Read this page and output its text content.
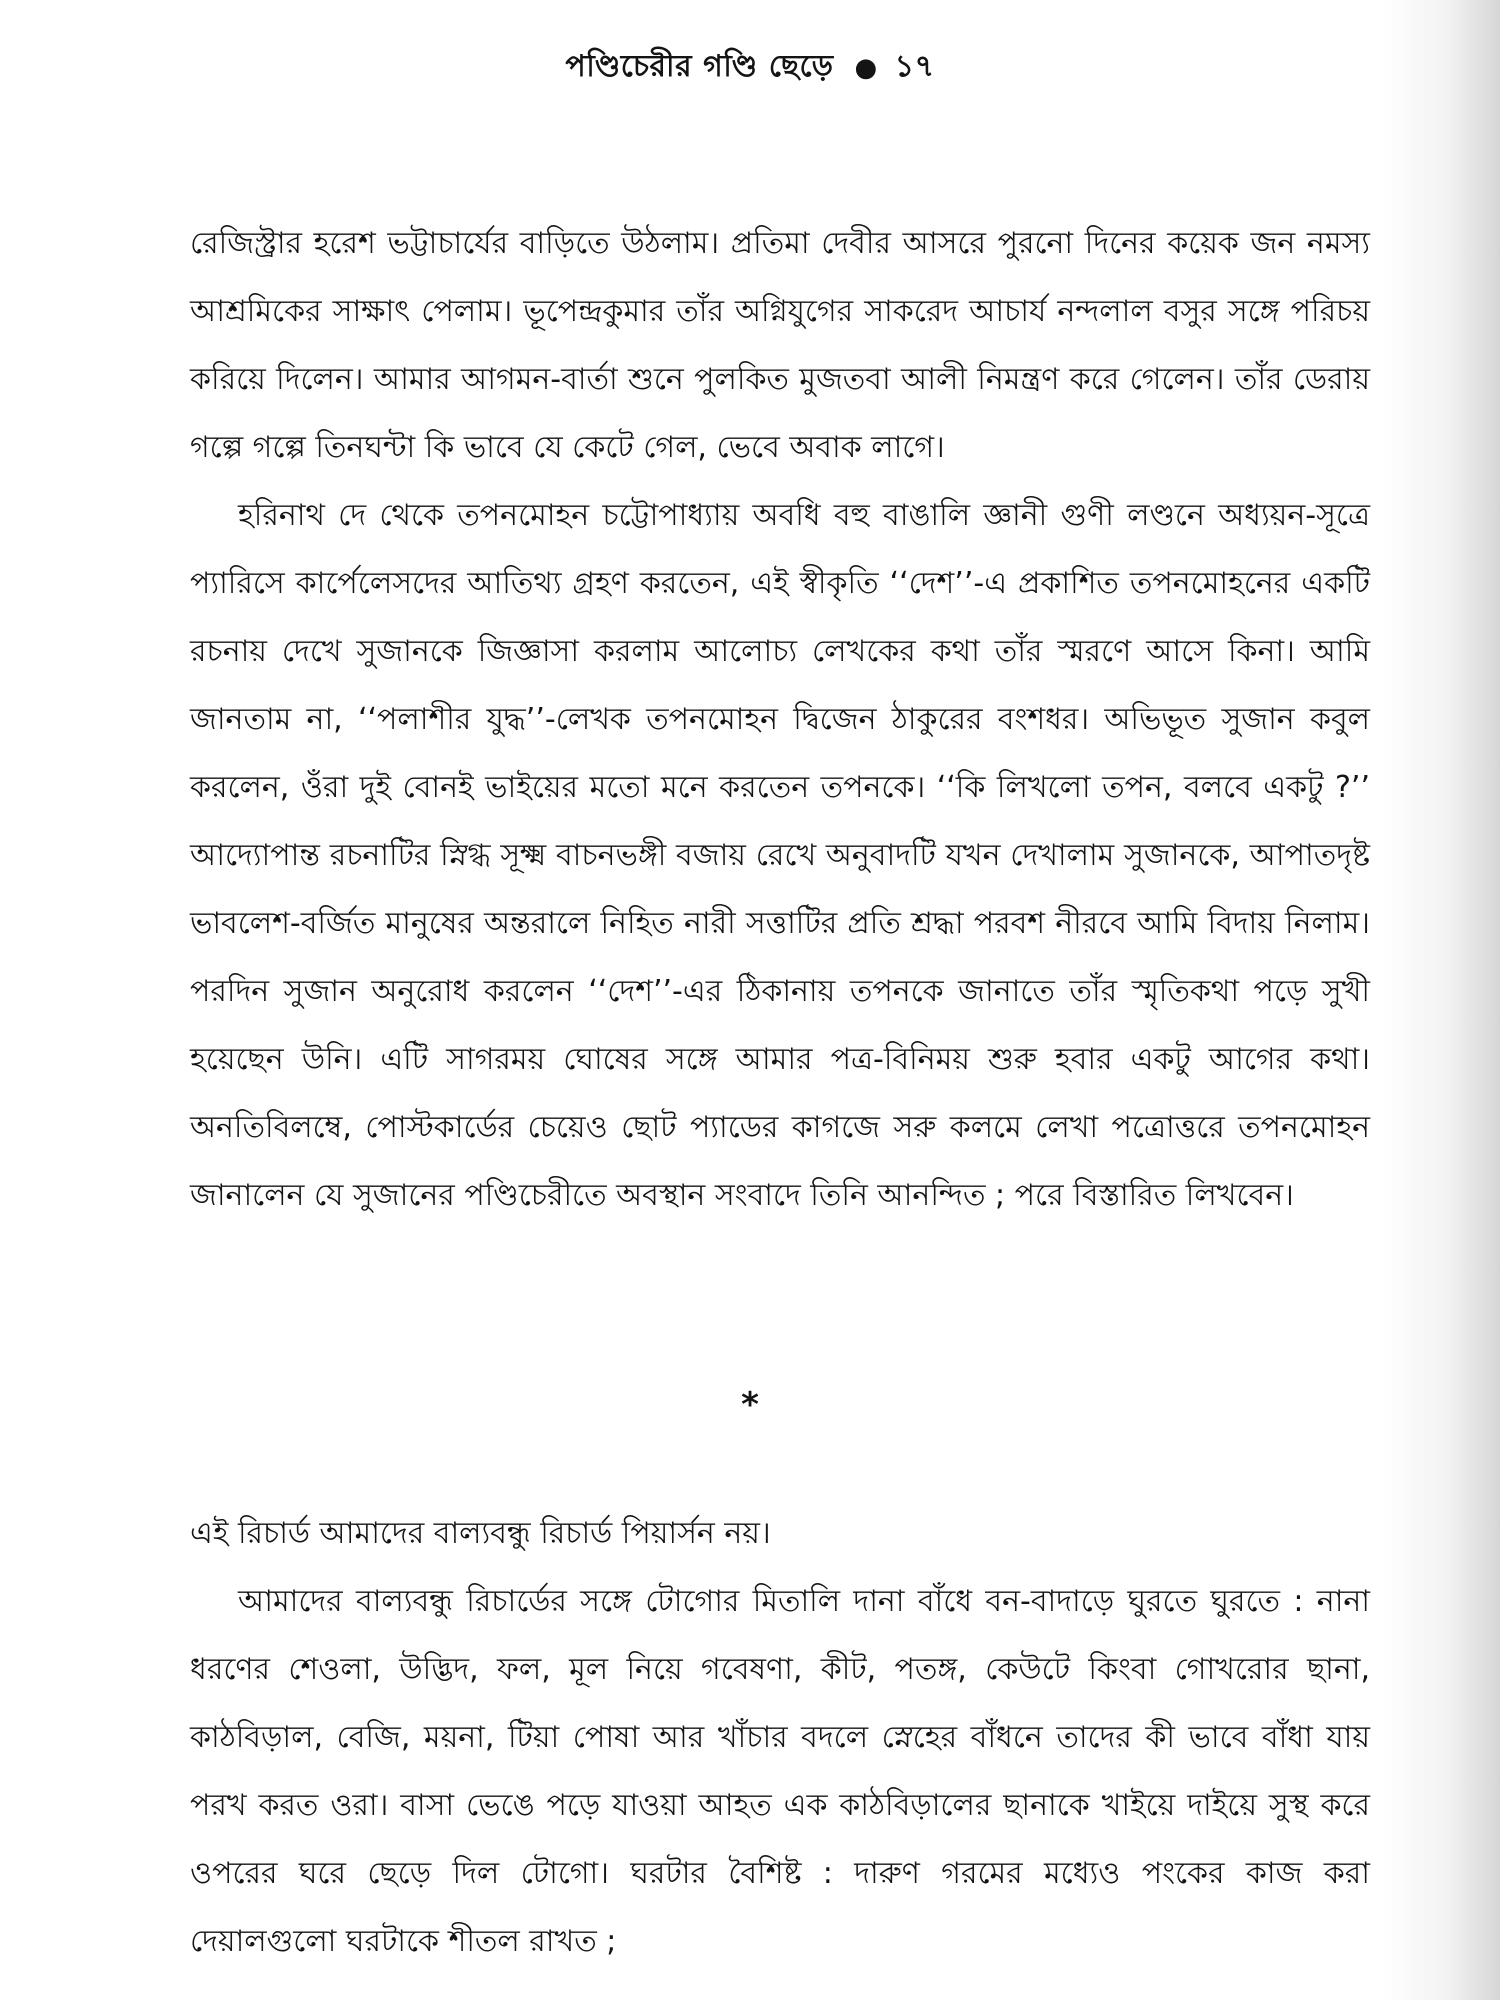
পণ্ডিচেরীর গণ্ডি ছেড়ে ● ১৭

রেজিস্ট্রার হরেশ ভট্টাচার্যের বাড়িতে উঠলাম। প্রতিমা দেবীর আসরে পুরনো দিনের কয়েক জন নমস্য আশ্রমিকের সাক্ষাৎ পেলাম। ভূপেন্দ্রকুমার তাঁর অগ্নিযুগের সাকরেদ আচার্য নন্দলাল বসুর সঙ্গে পরিচয় করিয়ে দিলেন। আমার আগমন-বার্তা শুনে পুলকিত মুজতবা আলী নিমন্ত্রণ করে গেলেন। তাঁর ডেরায় গল্পে গল্পে তিনঘন্টা কি ভাবে যে কেটে গেল, ভেবে অবাক লাগে।

হরিনাথ দে থেকে তপনমোহন চট্টোপাধ্যায় অবধি বহু বাঙালি জ্ঞানী গুণী লণ্ডনে অধ্যয়ন-সূত্রে প্যারিসে কার্পেলেসদের আতিথ্য গ্রহণ করতেন, এই স্বীকৃতি ‘‘দেশ’’-এ প্রকাশিত তপনমোহনের একটি রচনায় দেখে সুজানকে জিজ্ঞাসা করলাম আলোচ্য লেখকের কথা তাঁর স্মরণে আসে কিনা। আমি জানতাম না, ‘‘পলাশীর যুদ্ধ’’-লেখক তপনমোহন দ্বিজেন ঠাকুরের বংশধর। অভিভূত সুজান কবুল করলেন, ওঁরা দুই বোনই ভাইয়ের মতো মনে করতেন তপনকে। ‘‘কি লিখলো তপন, বলবে একটু ?’’ আদ্যোপান্ত রচনাটির স্নিগ্ধ সূক্ষ্ম বাচনভঙ্গী বজায় রেখে অনুবাদটি যখন দেখালাম সুজানকে, আপাতদৃষ্ট ভাবলেশ-বর্জিত মানুষের অন্তরালে নিহিত নারী সত্তাটির প্রতি শ্রদ্ধা পরবশ নীরবে আমি বিদায় নিলাম। পরদিন সুজান অনুরোধ করলেন ‘‘দেশ’’-এর ঠিকানায় তপনকে জানাতে তাঁর স্মৃতিকথা পড়ে সুখী হয়েছেন উনি। এটি সাগরময় ঘোষের সঙ্গে আমার পত্র-বিনিময় শুরু হবার একটু আগের কথা। অনতিবিলম্বে, পোস্টকার্ডের চেয়েও ছোট প্যাডের কাগজে সরু কলমে লেখা পত্রোত্তরে তপনমোহন জানালেন যে সুজানের পণ্ডিচেরীতে অবস্থান সংবাদে তিনি আনন্দিত ; পরে বিস্তারিত লিখবেন।

*

এই রিচার্ড আমাদের বাল্যবন্ধু রিচার্ড পিয়ার্সন নয়।

আমাদের বাল্যবন্ধু রিচার্ডের সঙ্গে টোগোর মিতালি দানা বাঁধে বন-বাদাড়ে ঘুরতে ঘুরতে : নানা ধরণের শেওলা, উদ্ভিদ, ফল, মূল নিয়ে গবেষণা, কীট, পতঙ্গ, কেউটে কিংবা গোখরোর ছানা, কাঠবিড়াল, বেজি, ময়না, টিয়া পোষা আর খাঁচার বদলে স্নেহের বাঁধনে তাদের কী ভাবে বাঁধা যায় পরখ করত ওরা। বাসা ভেঙে পড়ে যাওয়া আহত এক কাঠবিড়ালের ছানাকে খাইয়ে দাইয়ে সুস্থ করে ওপরের ঘরে ছেড়ে দিল টোগো। ঘরটার বৈশিষ্ট : দারুণ গরমের মধ্যেও পংকের কাজ করা দেয়ালগুলো ঘরটাকে শীতল রাখত ;
